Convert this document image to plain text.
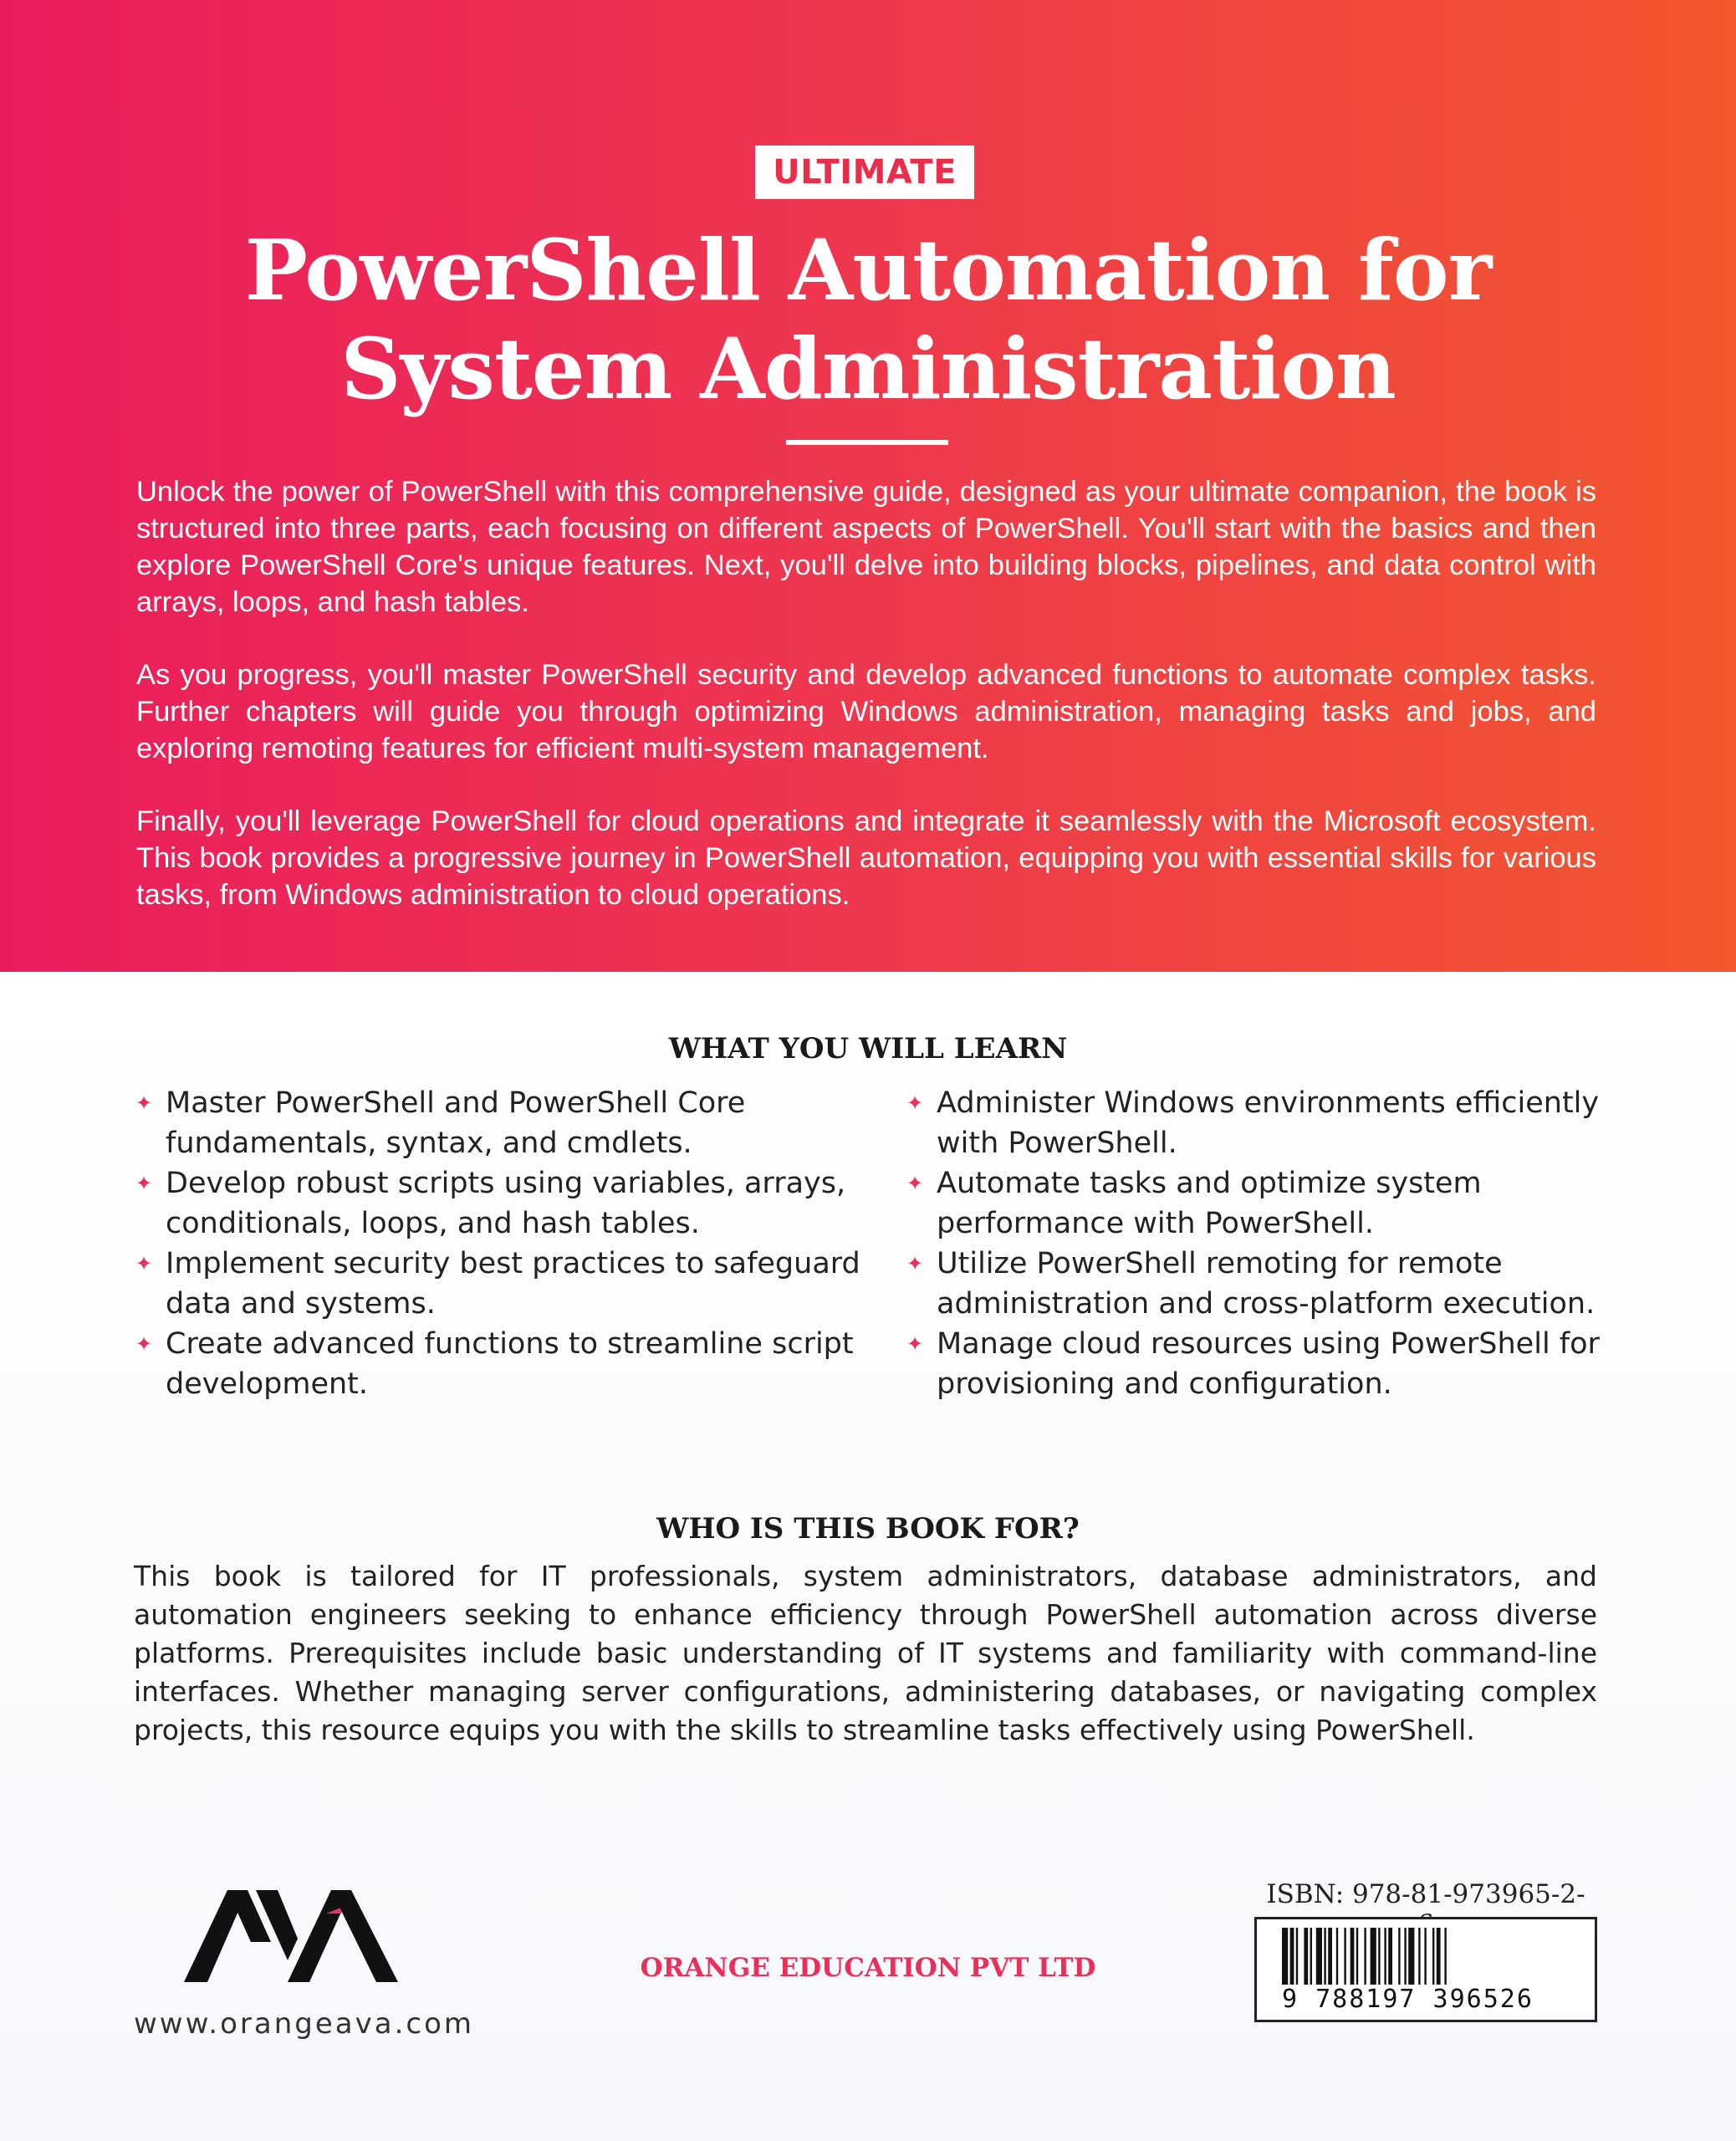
ULTIMATE
PowerShell Automation for
System Administration

Unlock the power of PowerShell with this comprehensive guide, designed as your ultimate companion, the book is structured into three parts, each focusing on different aspects of PowerShell. You'll start with the basics and then explore PowerShell Core's unique features. Next, you'll delve into building blocks, pipelines, and data control with arrays, loops, and hash tables.

As you progress, you'll master PowerShell security and develop advanced functions to automate complex tasks. Further chapters will guide you through optimizing Windows administration, managing tasks and jobs, and exploring remoting features for efficient multi-system management.

Finally, you'll leverage PowerShell for cloud operations and integrate it seamlessly with the Microsoft ecosystem. This book provides a progressive journey in PowerShell automation, equipping you with essential skills for various tasks, from Windows administration to cloud operations.

WHAT YOU WILL LEARN

✦ Master PowerShell and PowerShell Core fundamentals, syntax, and cmdlets.

✦ Develop robust scripts using variables, arrays, conditionals, loops, and hash tables.

✦ Implement security best practices to safeguard data and systems.

✦ Create advanced functions to streamline script development.

✦ Administer Windows environments efficiently with PowerShell.

✦ Automate tasks and optimize system performance with PowerShell.

✦ Utilize PowerShell remoting for remote administration and cross-platform execution.

✦ Manage cloud resources using PowerShell for provisioning and configuration.

WHO IS THIS BOOK FOR?

This book is tailored for IT professionals, system administrators, database administrators, and automation engineers seeking to enhance efficiency through PowerShell automation across diverse platforms. Prerequisites include basic understanding of IT systems and familiarity with command-line interfaces. Whether managing server configurations, administering databases, or navigating complex projects, this resource equips you with the skills to streamline tasks effectively using PowerShell.

www.orangeava.com
ORANGE EDUCATION PVT LTD
ISBN: 978-81-973965-2-
9 788197 396526
